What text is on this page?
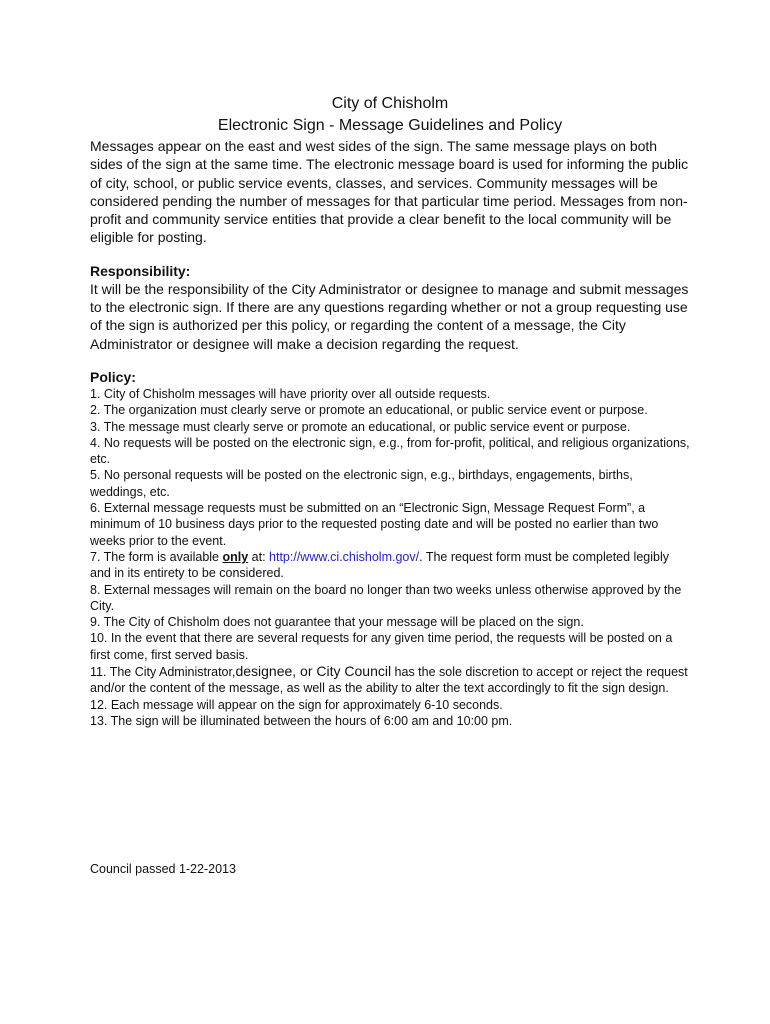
City of Chisholm

Electronic Sign - Message Guidelines and Policy

Messages appear on the east and west sides of the sign. The same message plays on both sides of the sign at the same time. The electronic message board is used for informing the public of city, school, or public service events, classes, and services. Community messages will be considered pending the number of messages for that particular time period. Messages from non-profit and community service entities that provide a clear benefit to the local community will be eligible for posting.

Responsibility:

It will be the responsibility of the City Administrator or designee to manage and submit messages to the electronic sign. If there are any questions regarding whether or not a group requesting use of the sign is authorized per this policy, or regarding the content of a message, the City Administrator or designee will make a decision regarding the request.

Policy:

1. City of Chisholm messages will have priority over all outside requests.
2. The organization must clearly serve or promote an educational, or public service event or purpose.
3. The message must clearly serve or promote an educational, or public service event or purpose.
4. No requests will be posted on the electronic sign, e.g., from for-profit, political, and religious organizations, etc.
5. No personal requests will be posted on the electronic sign, e.g., birthdays, engagements, births, weddings, etc.
6. External message requests must be submitted on an “Electronic Sign, Message Request Form”, a minimum of 10 business days prior to the requested posting date and will be posted no earlier than two weeks prior to the event.
7. The form is available only at: http://www.ci.chisholm.gov/. The request form must be completed legibly and in its entirety to be considered.
8. External messages will remain on the board no longer than two weeks unless otherwise approved by the City.
9. The City of Chisholm does not guarantee that your message will be placed on the sign.
10. In the event that there are several requests for any given time period, the requests will be posted on a first come, first served basis.
11. The City Administrator,designee, or City Council has the sole discretion to accept or reject the request and/or the content of the message, as well as the ability to alter the text accordingly to fit the sign design.
12. Each message will appear on the sign for approximately 6-10 seconds.
13. The sign will be illuminated between the hours of 6:00 am and 10:00 pm.

Council passed 1-22-2013
